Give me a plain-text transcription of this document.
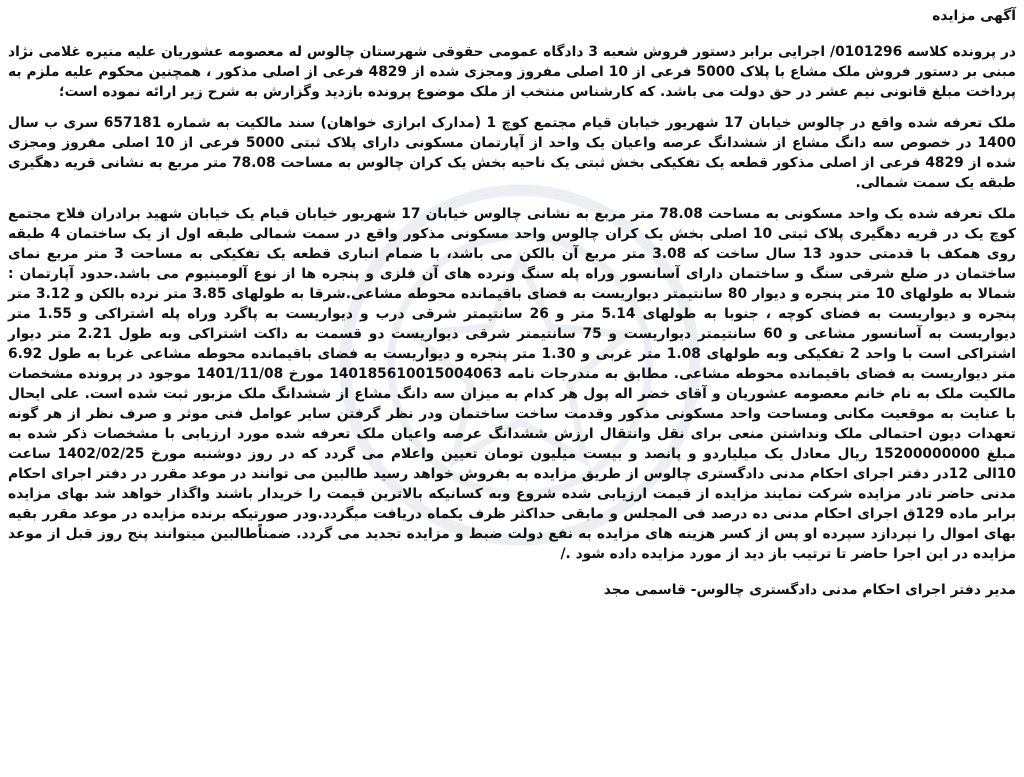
آگهی مزایده

در پرونده کلاسه 0101296/ اجرایی برابر دستور فروش شعبه 3 دادگاه عمومی حقوقی شهرستان چالوس له معصومه عشوریان علیه منیره غلامی نژاد مبنی بر دستور فروش ملک مشاع با پلاک 5000 فرعی از 10 اصلی مفروز ومجزی شده از 4829 فرعی از اصلی مذکور ، همچنین محکوم علیه ملزم به پرداخت مبلغ قانونی نیم عشر در حق دولت می باشد. که کارشناس منتخب از ملک موضوع پرونده بازدید وگزارش به شرح زیر ارائه نموده است؛

ملک تعرفه شده واقع در چالوس خیابان 17 شهریور خیابان قیام مجتمع کوچ 1 (مدارک ابرازی خواهان) سند مالکیت به شماره 657181 سری ب سال 1400 در خصوص سه دانگ مشاع از ششدانگ عرصه واعیان یک واحد از آپارتمان مسکونی دارای پلاک ثبتی 5000 فرعی از 10 اصلی مفروز ومجزی شده از 4829 فرعی از اصلی مذکور قطعه یک تفکیکی بخش ثبتی یک ناحیه بخش یک کران چالوس به مساحت 78.08 متر مربع به نشانی قریه دهگیری طبقه یک سمت شمالی.

ملک تعرفه شده یک واحد مسکونی به مساحت 78.08 متر مربع به نشانی چالوس خیابان 17 شهریور خیابان قیام یک خیابان شهید برادران فلاح مجتمع کوچ یک در قریه دهگیری پلاک ثبتی 10 اصلی بخش یک کران چالوس واحد مسکونی مذکور واقع در سمت شمالی طبقه اول از یک ساختمان 4 طبقه روی همکف با قدمتی حدود 13 سال ساخت که 3.08 متر مربع آن بالکن می باشد، با ضمام انباری قطعه یک تفکیکی به مساحت 3 متر مربع نمای ساختمان در ضلع شرقی سنگ و ساختمان دارای آسانسور وراه پله سنگ ونرده های آن فلزی و پنجره ها از نوع آلومینیوم می باشد.حدود آپارتمان : شمالا به طولهای 10 متر پنجره و دیوار 80 سانتیمتر دیواریست به فضای باقیمانده محوطه مشاعی.شرقا به طولهای 3.85 متر نرده بالکن و 3.12 متر پنجره و دیواریست به فضای کوچه ، جنوبا به طولهای 5.14 متر و 26 سانتیمتر شرقی درب و دیواریست به پاگرد وراه پله اشتراکی و 1.55 متر دیواریست به آسانسور مشاعی و 60 سانتیمتر دیواریست و 75 سانتیمتر شرقی دیواریست دو قسمت به داکت اشتراکی وبه طول 2.21 متر دیوار اشتراکی است با واحد 2 تفکیکی وبه طولهای 1.08 متر غربی و 1.30 متر پنجره و دیواریست به فضای باقیمانده محوطه مشاعی غربا به طول 6.92 متر دیواریست به فضای باقیمانده محوطه مشاعی. مطابق به مندرجات نامه 140185610015004063 مورخ 1401/11/08 موجود در پرونده مشخصات مالکیت ملک به نام خانم معصومه عشوریان و آقای خضر اله پول هر کدام به میزان سه دانگ مشاع از ششدانگ ملک مزبور ثبت شده است. علی ایحال با عنایت به موقعیت مکانی ومساحت واحد مسکونی مذکور وقدمت ساخت ساختمان ودر نظر گرفتن سایر عوامل فنی موثر و صرف نظر از هر گونه تعهدات دیون احتمالی ملک ونداشتن منعی برای نقل وانتقال ارزش ششدانگ عرصه واعیان ملک تعرفه شده مورد ارزیابی با مشخصات ذکر شده به مبلغ 15200000000 ریال معادل یک میلیاردو و پانصد و بیست میلیون تومان تعیین واعلام می گردد که در روز دوشنبه مورخ 1402/02/25 ساعت 10الی 12در دفتر اجرای احکام مدنی دادگستری چالوس از طریق مزایده به بفروش خواهد رسید طالبین می توانند در موعد مقرر در دفتر اجرای احکام مدنی حاضر تادر مزایده شرکت نمایند مزایده از قیمت ارزیابی شده شروع وبه کسانیکه بالاترین قیمت را خریدار باشند واگذار خواهد شد بهای مزایده برابر ماده 129ق اجرای احکام مدنی ده درصد فی المجلس و مابقی حداکثر ظرف یکماه دریافت میگردد.ودر صورتیکه برنده مزایده در موعد مقرر بقیه بهای اموال را نپردازد سپرده او پس از کسر هزینه های مزایده به نفع دولت ضبط و مزایده تجدید می گردد. ضمناًطالبین میتوانند پنج روز قبل از موعد مزایده در این اجرا حاضر تا ترتیب باز دید از مورد مزایده داده شود ./

مدیر دفتر اجرای احکام مدنی دادگستری چالوس- قاسمی مجد
